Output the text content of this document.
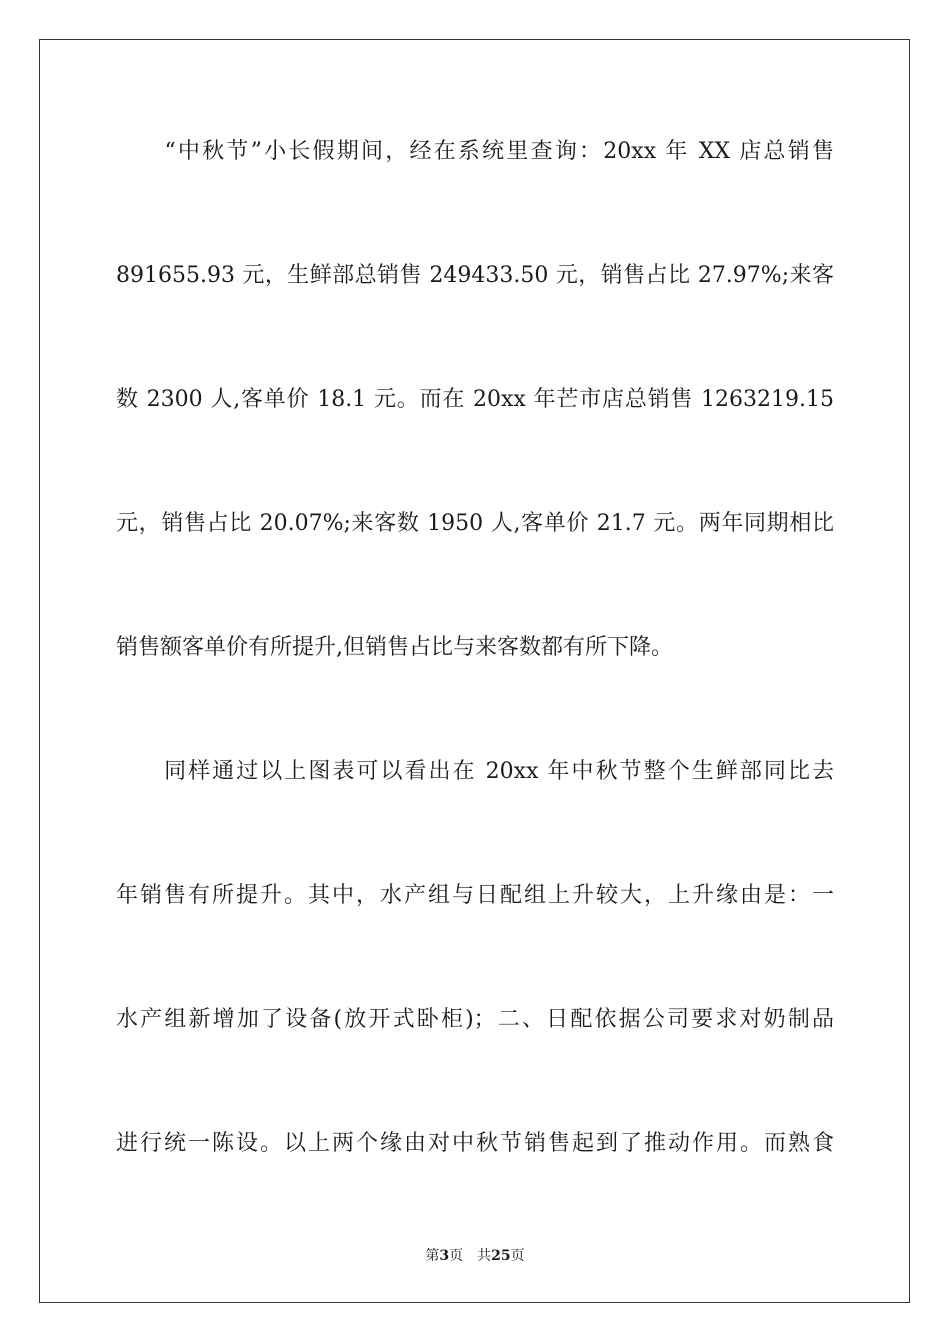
　　“中秋节”小长假期间，经在系统里查询：20xx 年 XX 店总销售
891655.93 元，生鲜部总销售 249433.50 元，销售占比 27.97%;来客
数 2300 人,客单价 18.1 元。而在 20xx 年芒市店总销售 1263219.15
元，销售占比 20.07%;来客数 1950 人,客单价 21.7 元。两年同期相比
销售额客单价有所提升,但销售占比与来客数都有所下降。
　　同样通过以上图表可以看出在 20xx 年中秋节整个生鲜部同比去
年销售有所提升。其中，水产组与日配组上升较大，上升缘由是：一
水产组新增加了设备(放开式卧柜)；二、日配依据公司要求对奶制品
进行统一陈设。以上两个缘由对中秋节销售起到了推动作用。而熟食
第3页 共25页
